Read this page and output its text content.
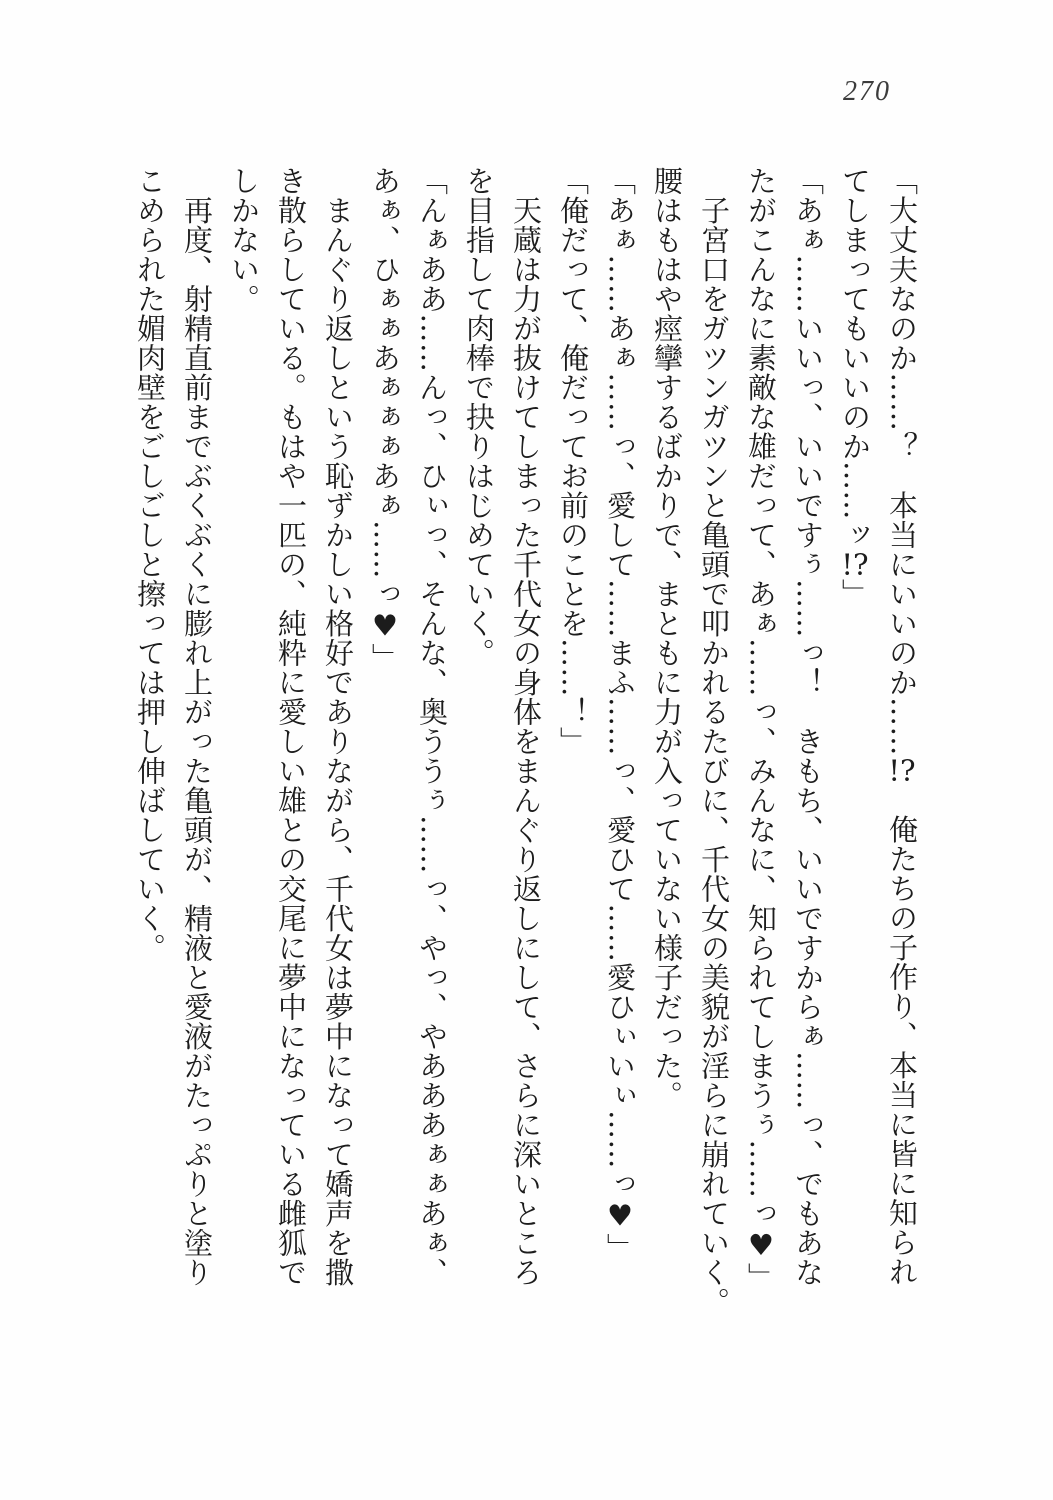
270
「大丈夫なのか……？　本当にいいのか……!?　俺たちの子作り、本当に皆に知られ
てしまってもいいのか……ッ!?」
「あぁ……いいっ、いいですぅ……っ！　きもち、いいですからぁ……っ、でもあな
たがこんなに素敵な雄だって、あぁ……っ、みんなに、知られてしまうぅ……っ♥」
　子宮口をガツンガツンと亀頭で叩かれるたびに、千代女の美貌が淫らに崩れていく。
腰はもはや痙攣するばかりで、まともに力が入っていない様子だった。
「あぁ……あぁ……っ、愛して……まふ……っ、愛ひて……愛ひぃいぃ……っ♥」
「俺だって、俺だってお前のことを……！」
　天蔵は力が抜けてしまった千代女の身体をまんぐり返しにして、さらに深いところ
を目指して肉棒で抉りはじめていく。
「んぁああ……んっ、ひぃっ、そんな、奥ううぅ……っ、やっ、やあああぁぁあぁ、
あぁ、ひぁぁあぁぁぁあぁ……っ♥」
　まんぐり返しという恥ずかしい格好でありながら、千代女は夢中になって嬌声を撒
き散らしている。もはや一匹の、純粋に愛しい雄との交尾に夢中になっている雌狐で
しかない。
　再度、射精直前までぶくぶくに膨れ上がった亀頭が、精液と愛液がたっぷりと塗り
こめられた媚肉壁をごしごしと擦っては押し伸ばしていく。
